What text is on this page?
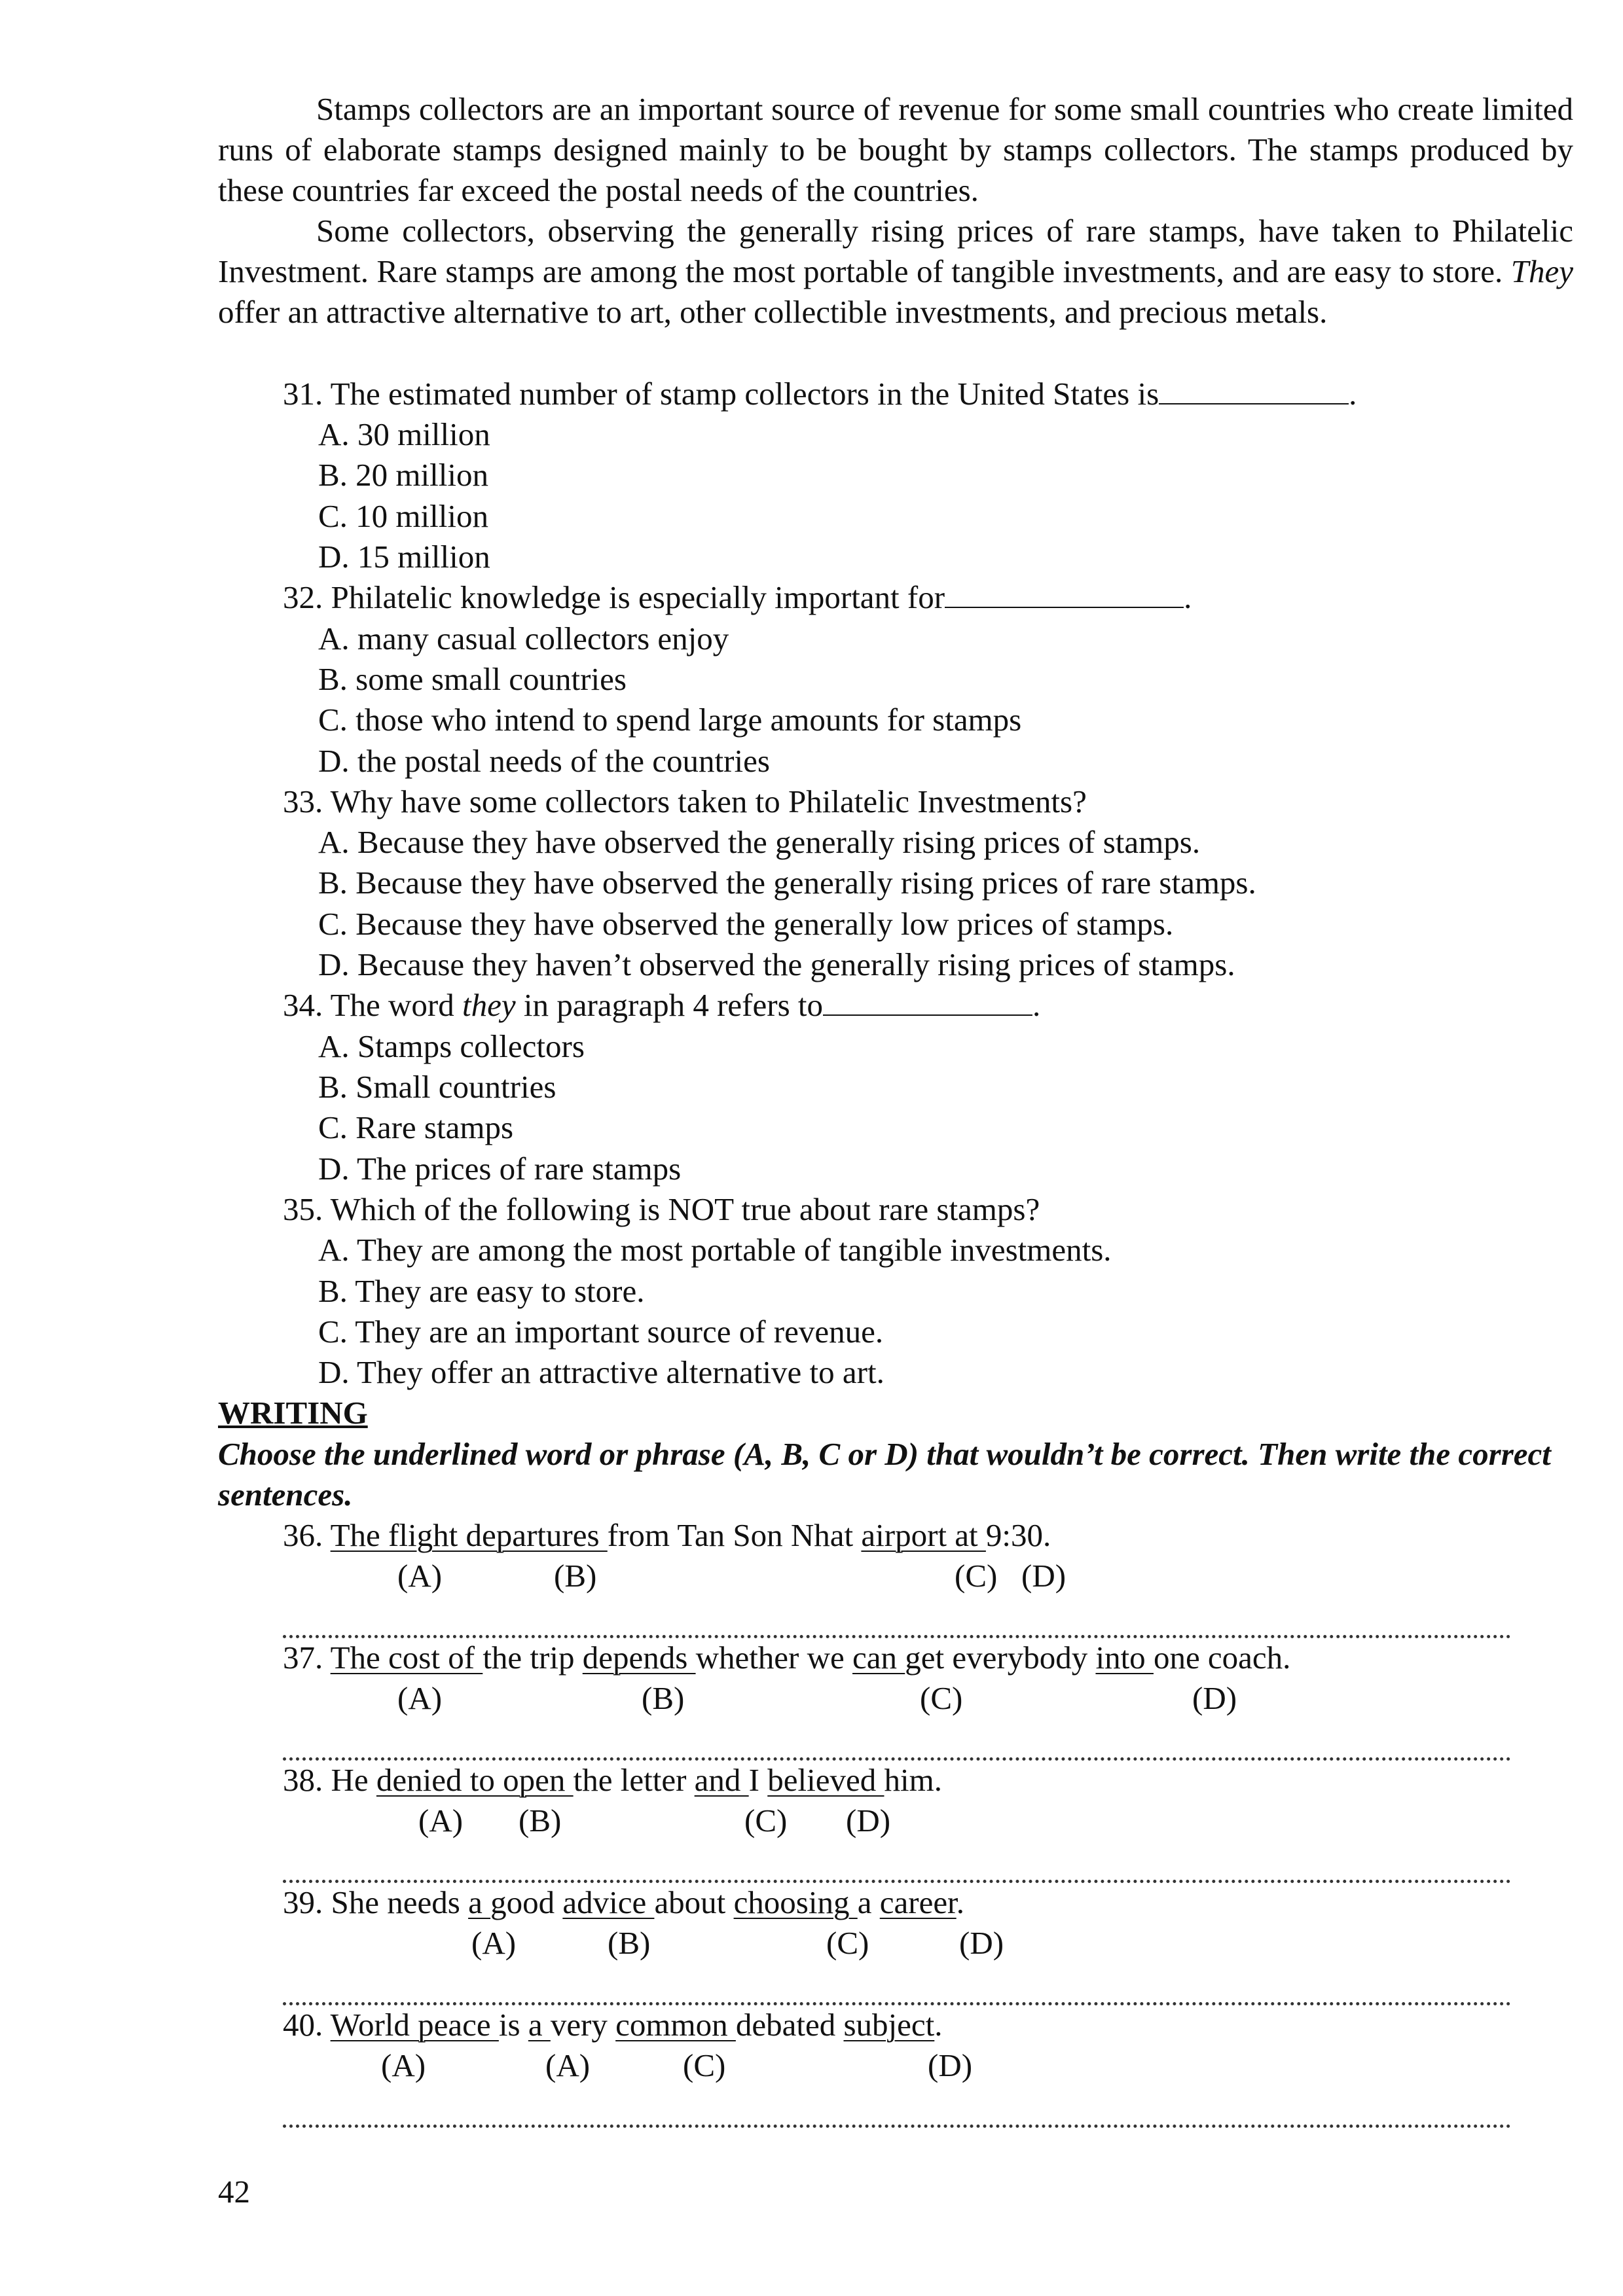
Stamps collectors are an important source of revenue for some small countries who create limited runs of elaborate stamps designed mainly to be bought by stamps collectors. The stamps produced by these countries far exceed the postal needs of the countries.

Some collectors, observing the generally rising prices of rare stamps, have taken to Philatelic Investment. Rare stamps are among the most portable of tangible investments, and are easy to store. They offer an attractive alternative to art, other collectible investments, and precious metals.

31. The estimated number of stamp collectors in the United States is	.
A. 30 million
B. 20 million
C. 10 million
D. 15 million
32. Philatelic knowledge is especially important for	.
A. many casual collectors enjoy
B. some small countries
C. those who intend to spend large amounts for stamps
D. the postal needs of the countries
33. Why have some collectors taken to Philatelic Investments?
A. Because they have observed the generally rising prices of stamps.
B. Because they have observed the generally rising prices of rare stamps.
C. Because they have observed the generally low prices of stamps.
D. Because they haven’t observed the generally rising prices of stamps.
34. The word they in paragraph 4 refers to	.
A. Stamps collectors
B. Small countries
C. Rare stamps
D. The prices of rare stamps
35. Which of the following is NOT true about rare stamps?
A. They are among the most portable of tangible investments.
B. They are easy to store.
C. They are an important source of revenue.
D. They offer an attractive alternative to art.
WRITING

Choose the underlined word or phrase (A, B, C or D) that wouldn’t be correct. Then write the correct sentences.

36. The flight departures from Tan Son Nhat airport at 9:30.
(A)	(B)	(C) (D)
37. The cost of the trip depends whether we can get everybody into one coach.
(A)	(B)	(C)	(D)
38. He denied to open the letter and I believed him.
(A) (B)	(C) (D)
39. She needs a good advice about choosing a career.
(A)	(B)	(C)	(D)
40. World peace is a very common debated subject.
(A)	(A)	(C)	(D)
42
